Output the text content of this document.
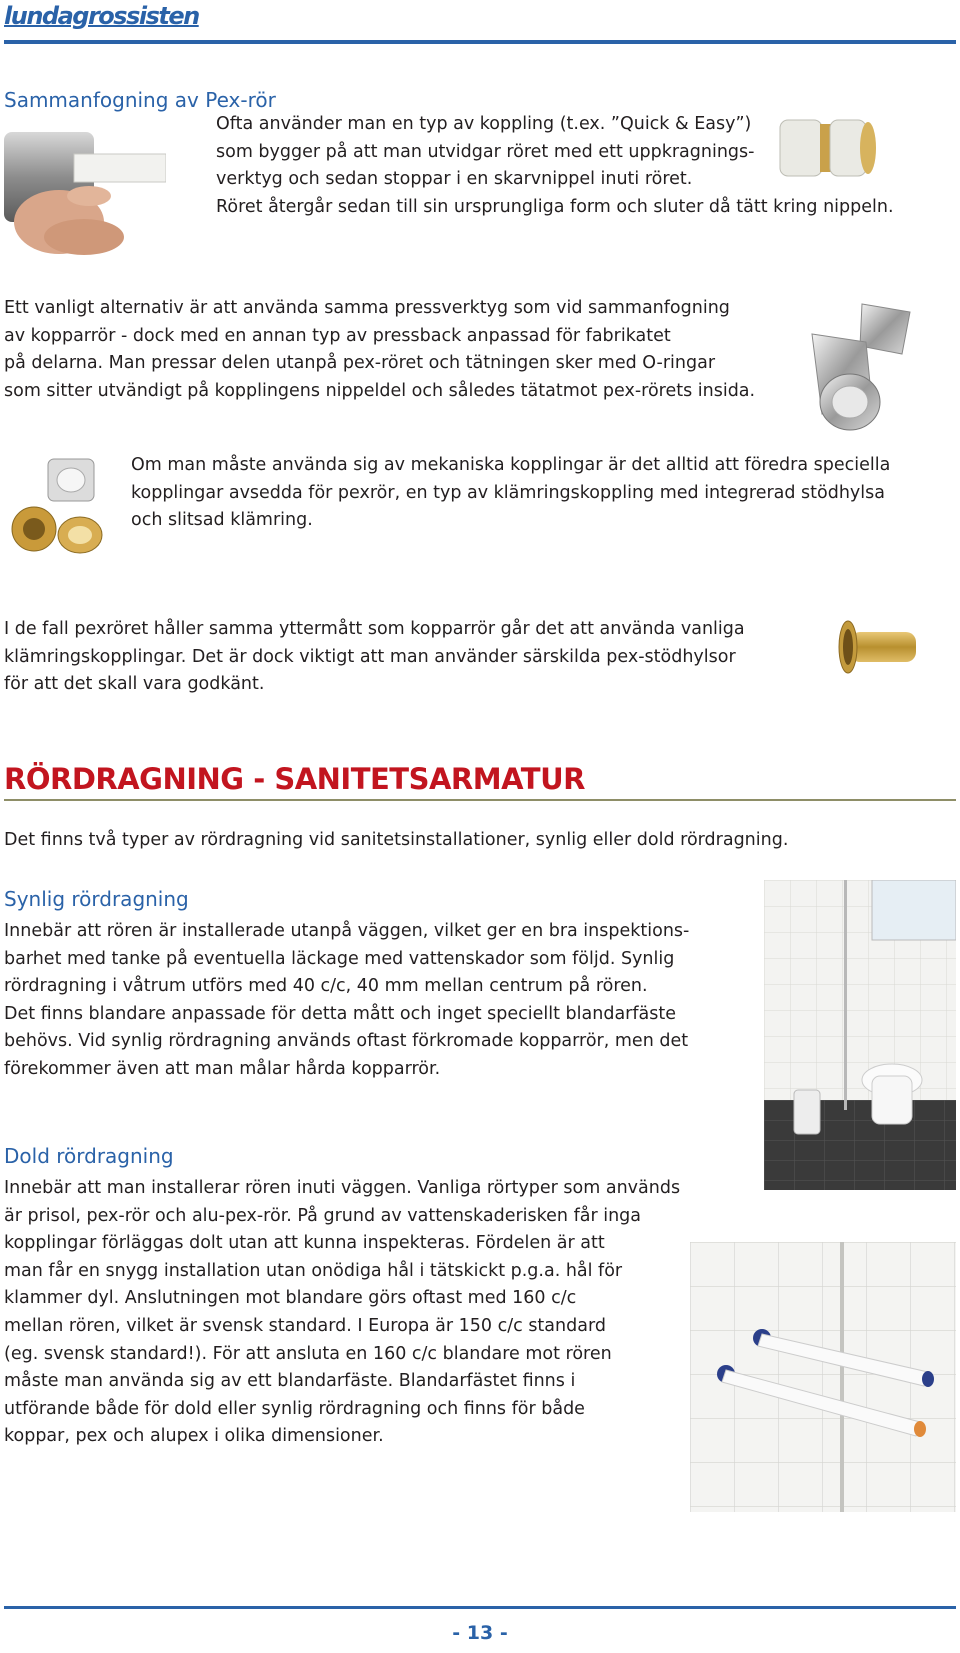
lundagrossisten
Sammanfogning av Pex-rör
Ofta använder man en typ av koppling (t.ex. ”Quick & Easy”)
som bygger på att man utvidgar röret med ett uppkragnings-
verktyg och sedan stoppar i en skarvnippel inuti röret.
Röret återgår sedan till sin ursprungliga form och sluter då tätt kring nippeln.
Ett vanligt alternativ är att använda samma pressverktyg som vid sammanfogning
av kopparrör - dock med en annan typ av pressback anpassad för fabrikatet
på delarna. Man pressar delen utanpå pex-röret och tätningen sker med O-ringar
som sitter utvändigt på kopplingens nippeldel och således tätatmot pex-rörets insida.
Om man måste använda sig av mekaniska kopplingar är det alltid att föredra speciella
kopplingar avsedda för pexrör, en typ av klämringskoppling med integrerad stödhylsa
och slitsad klämring.
I de fall pexröret håller samma yttermått som kopparrör går det att använda vanliga
klämringskopplingar. Det är dock viktigt att man använder särskilda pex-stödhylsor
för att det skall vara godkänt.
RÖRDRAGNING - SANITETSARMATUR
Det finns två typer av rördragning vid sanitetsinstallationer, synlig eller dold rördragning.
Synlig rördragning
Innebär att rören är installerade utanpå väggen, vilket ger en bra inspektions-
barhet med tanke på eventuella läckage med vattenskador som följd. Synlig
rördragning i våtrum utförs med 40 c/c, 40 mm mellan centrum på rören.
Det finns blandare anpassade för detta mått och inget speciellt blandarfäste
behövs. Vid synlig rördragning används oftast förkromade kopparrör, men det
förekommer även att man målar hårda kopparrör.
Dold rördragning
Innebär att man installerar rören inuti väggen. Vanliga rörtyper som används
är prisol, pex-rör och alu-pex-rör. På grund av vattenskaderisken får inga
kopplingar förläggas dolt utan att kunna inspekteras. Fördelen är att
man får en snygg installation utan onödiga hål i tätskickt p.g.a. hål för
klammer dyl. Anslutningen mot blandare görs oftast med 160 c/c
mellan rören, vilket är svensk standard. I Europa är 150 c/c standard
(eg. svensk standard!). För att ansluta en 160 c/c blandare mot rören
måste man använda sig av ett blandarfäste. Blandarfästet finns i
utförande både för dold eller synlig rördragning och finns för både
koppar, pex och alupex i olika dimensioner.
- 13 -
